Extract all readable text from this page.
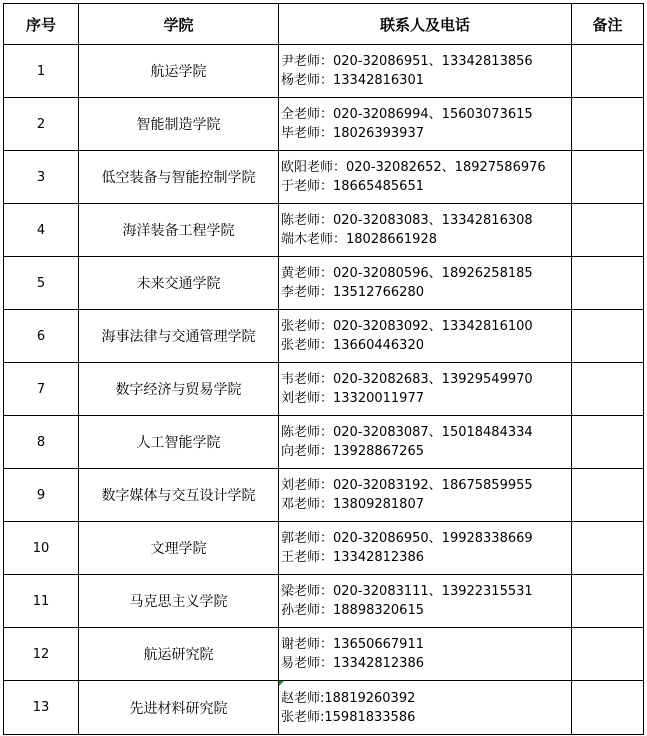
序号	学院	联系人及电话	备注
1	航运学院	尹老师：020-32086951、13342813856
杨老师：13342816301	

2	智能制造学院	全老师：020-32086994、15603073615
毕老师：18026393937	

3	低空装备与智能控制学院	欧阳老师：020-32082652、18927586976
于老师：18665485651	

4	海洋装备工程学院	陈老师：020-32083083、13342816308
端木老师：18028661928	

5	未来交通学院	黄老师：020-32080596、18926258185
李老师：13512766280	

6	海事法律与交通管理学院	张老师：020-32083092、13342816100
张老师：13660446320	

7	数字经济与贸易学院	韦老师：020-32082683、13929549970
刘老师：13320011977	

8	人工智能学院	陈老师：020-32083087、15018484334
向老师：13928867265	

9	数字媒体与交互设计学院	刘老师：020-32083192、18675859955
邓老师：13809281807	

10	文理学院	郭老师：020-32086950、19928338669
王老师：13342812386	

11	马克思主义学院	梁老师：020-32083111、13922315531
孙老师：18898320615	

12	航运研究院	谢老师：13650667911
易老师：13342812386	

13	先进材料研究院	赵老师:18819260392
张老师:15981833586	
